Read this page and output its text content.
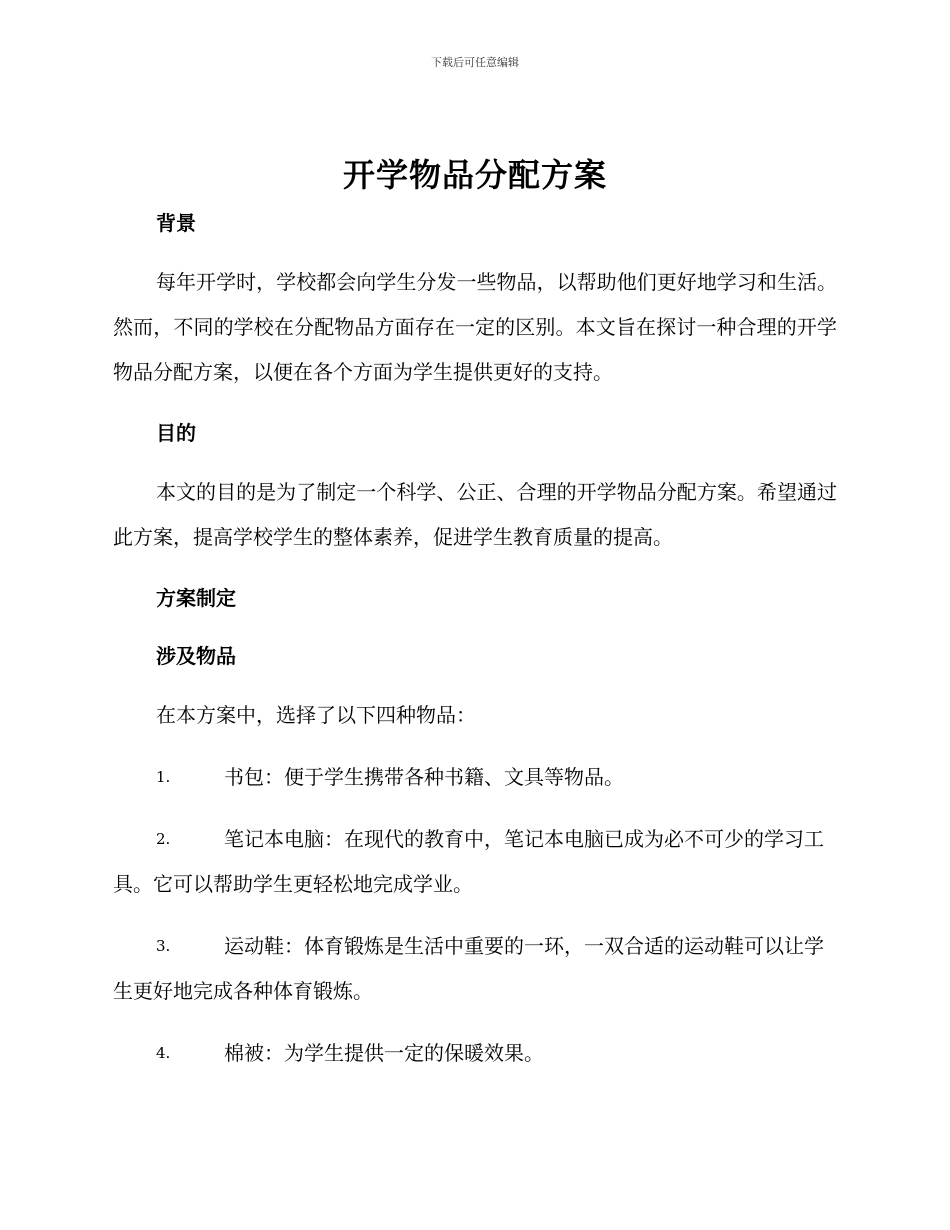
下载后可任意编辑
开学物品分配方案
背景

每年开学时，学校都会向学生分发一些物品，以帮助他们更好地学习和生活。然而，不同的学校在分配物品方面存在一定的区别。本文旨在探讨一种合理的开学物品分配方案，以便在各个方面为学生提供更好的支持。

目的

本文的目的是为了制定一个科学、公正、合理的开学物品分配方案。希望通过此方案，提高学校学生的整体素养，促进学生教育质量的提高。

方案制定
涉及物品

在本方案中，选择了以下四种物品：

1.	书包：便于学生携带各种书籍、文具等物品。

2.	笔记本电脑：在现代的教育中，笔记本电脑已成为必不可少的学习工具。它可以帮助学生更轻松地完成学业。

3.	运动鞋：体育锻炼是生活中重要的一环，一双合适的运动鞋可以让学生更好地完成各种体育锻炼。

4.	棉被：为学生提供一定的保暖效果。
